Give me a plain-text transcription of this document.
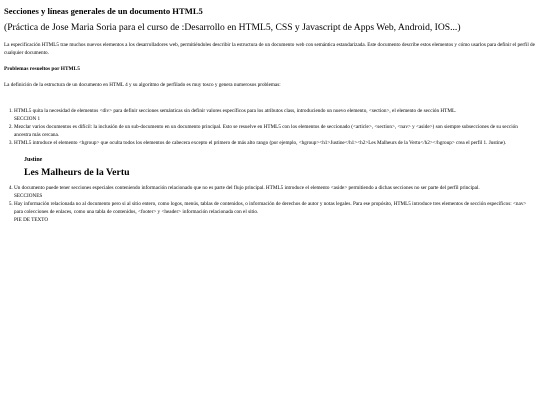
Secciones y líneas generales de un documento HTML5
(Práctica de Jose Maria Soria para el curso de :Desarrollo en HTML5, CSS y Javascript de Apps Web, Android, IOS...)

La especificación HTML5 trae muchos nuevos elementos a los desarrolladores web, permitiéndoles describir la estructura de un documento web con semántica estandarizada. Este documento describe estos elementos y cómo usarlos para definir el perfil de cualquier documento.

Problemas resueltos por HTML5

La definición de la estructura de un documento en HTML 4 y su algoritmo de perfilado es muy tosco y genera numerosos problemas:

1. HTML5 quita la necesidad de elementos <div> para definir secciones semánticas sin definir valores específicos para los atributos class, introduciendo un nuevo elemento, <section>, el elemento de sección HTML.
SECCION 1
2. Mezclar varios documentos es difícil: la inclusión de un sub-documento en un documento principal. Esto se resuelve en HTML5 con los elementos de seccionado (<article>, <section>, <nav> y <aside>) son siempre subsecciones de su sección ancestra más cercana.
3. HTML5 introduce el elemento <hgroup> que oculta todos los elementos de cabecera excepto el primero de más alto rango (por ejemplo, <hgroup><h1>Justine</h1><h2>Les Malheurs de la Vertu</h2></hgroup> crea el perfil 1. Justine).
Justine
Les Malheurs de la Vertu
4. Un documento puede tener secciones especiales conteniendo información relacionado que no es parte del flujo principal. HTML5 introduce el elemento <aside> permitiendo a dichas secciones no ser parte del perfil principal.
SECCIONES
5. Hay información relacionada no al documento pero si al sitio entero, como logos, menús, tablas de contenidos, o información de derechos de autor y notas legales. Para ese propósito, HTML5 introduce tres elementos de sección específicos: <nav> para colecciones de enlaces, como una tabla de contenidos, <footer> y <header> información relacionada con el sitio.
PIE DE TEXTO
